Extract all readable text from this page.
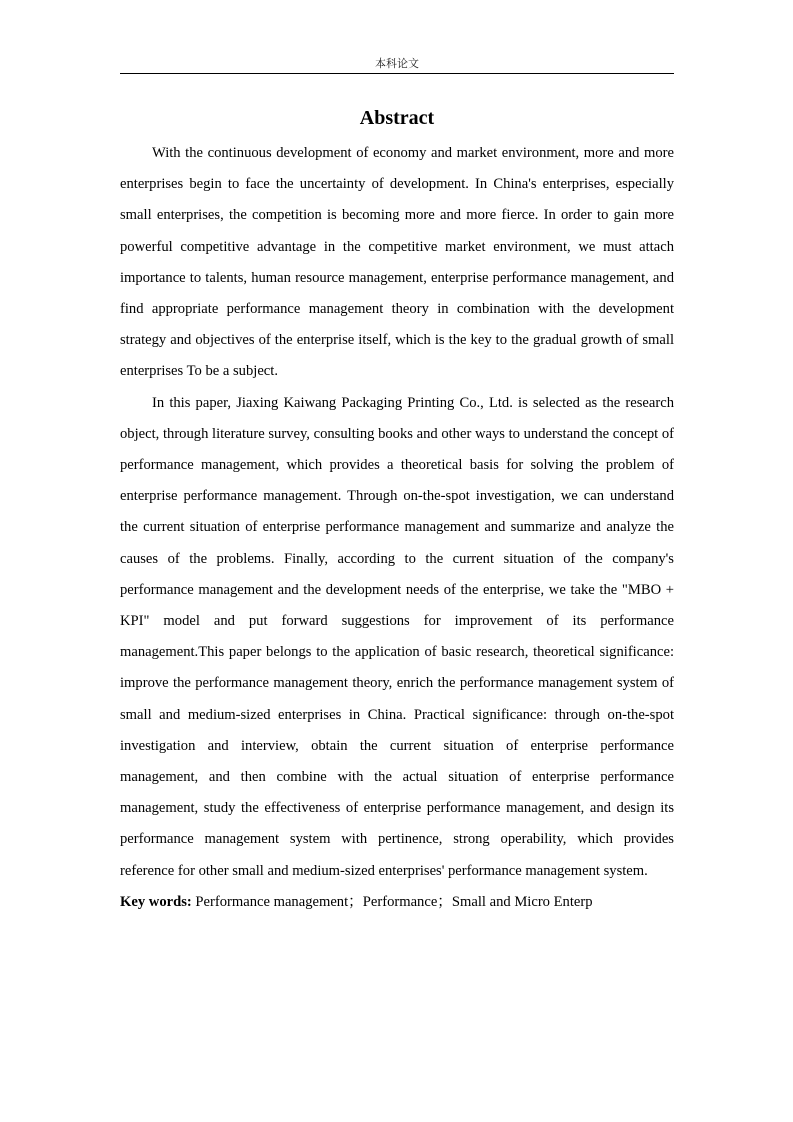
本科论文
Abstract

With the continuous development of economy and market environment, more and more enterprises begin to face the uncertainty of development. In China's enterprises, especially small enterprises, the competition is becoming more and more fierce. In order to gain more powerful competitive advantage in the competitive market environment, we must attach importance to talents, human resource management, enterprise performance management, and find appropriate performance management theory in combination with the development strategy and objectives of the enterprise itself, which is the key to the gradual growth of small enterprises To be a subject.

In this paper, Jiaxing Kaiwang Packaging Printing Co., Ltd. is selected as the research object, through literature survey, consulting books and other ways to understand the concept of performance management, which provides a theoretical basis for solving the problem of enterprise performance management. Through on-the-spot investigation, we can understand the current situation of enterprise performance management and summarize and analyze the causes of the problems. Finally, according to the current situation of the company's performance management and the development needs of the enterprise, we take the "MBO + KPI" model and put forward suggestions for improvement of its performance management.This paper belongs to the application of basic research, theoretical significance: improve the performance management theory, enrich the performance management system of small and medium-sized enterprises in China. Practical significance: through on-the-spot investigation and interview, obtain the current situation of enterprise performance management, and then combine with the actual situation of enterprise performance management, study the effectiveness of enterprise performance management, and design its performance management system with pertinence, strong operability, which provides reference for other small and medium-sized enterprises' performance management system.

Key words: Performance management；Performance；Small and Micro Enterp
